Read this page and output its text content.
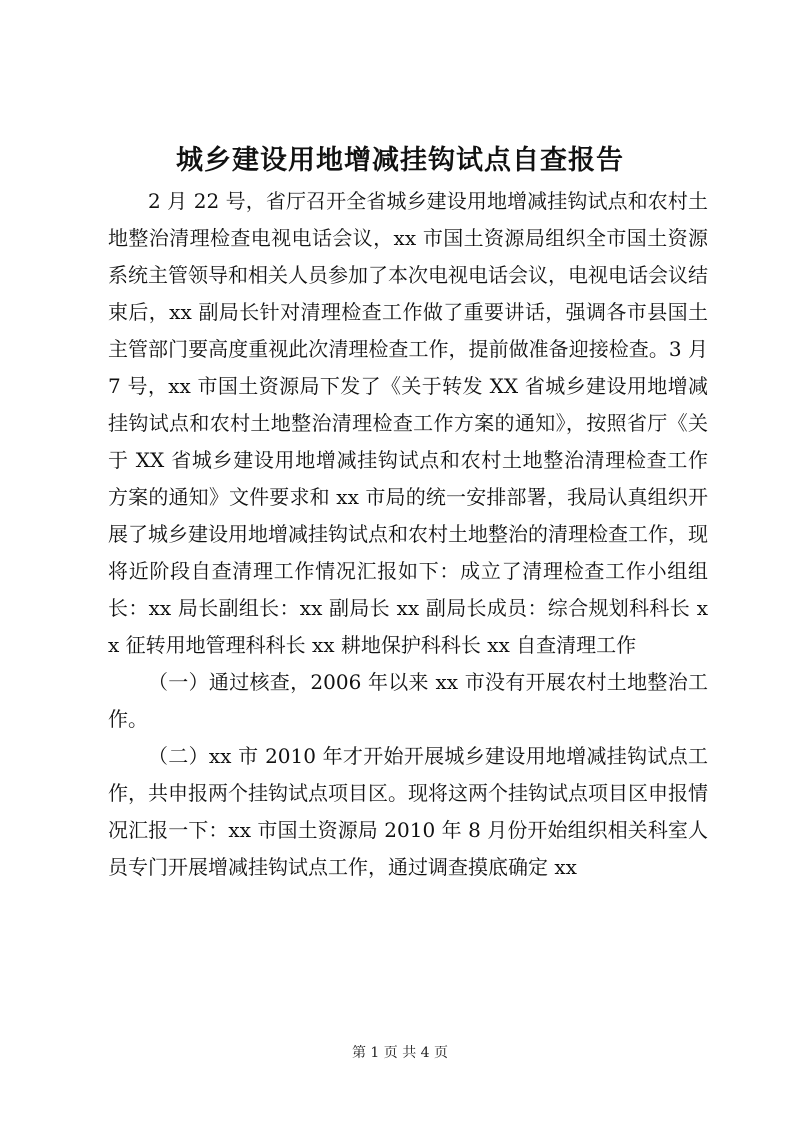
城乡建设用地增减挂钩试点自查报告

2 月 22 号，省厅召开全省城乡建设用地增减挂钩试点和农村土地整治清理检查电视电话会议，xx 市国土资源局组织全市国土资源系统主管领导和相关人员参加了本次电视电话会议，电视电话会议结束后，xx 副局长针对清理检查工作做了重要讲话，强调各市县国土主管部门要高度重视此次清理检查工作，提前做准备迎接检查。3 月 7 号，xx 市国土资源局下发了《关于转发 XX 省城乡建设用地增减挂钩试点和农村土地整治清理检查工作方案的通知》，按照省厅《关于 XX 省城乡建设用地增减挂钩试点和农村土地整治清理检查工作方案的通知》文件要求和 xx 市局的统一安排部署，我局认真组织开展了城乡建设用地增减挂钩试点和农村土地整治的清理检查工作，现将近阶段自查清理工作情况汇报如下：成立了清理检查工作小组组长：xx 局长副组长：xx 副局长 xx 副局长成员：综合规划科科长 xx 征转用地管理科科长 xx 耕地保护科科长 xx 自查清理工作

（一）通过核查，2006 年以来 xx 市没有开展农村土地整治工作。

（二）xx 市 2010 年才开始开展城乡建设用地增减挂钩试点工作，共申报两个挂钩试点项目区。现将这两个挂钩试点项目区申报情况汇报一下：xx 市国土资源局 2010 年 8 月份开始组织相关科室人员专门开展增减挂钩试点工作，通过调查摸底确定 xx

第 1 页 共 4 页
